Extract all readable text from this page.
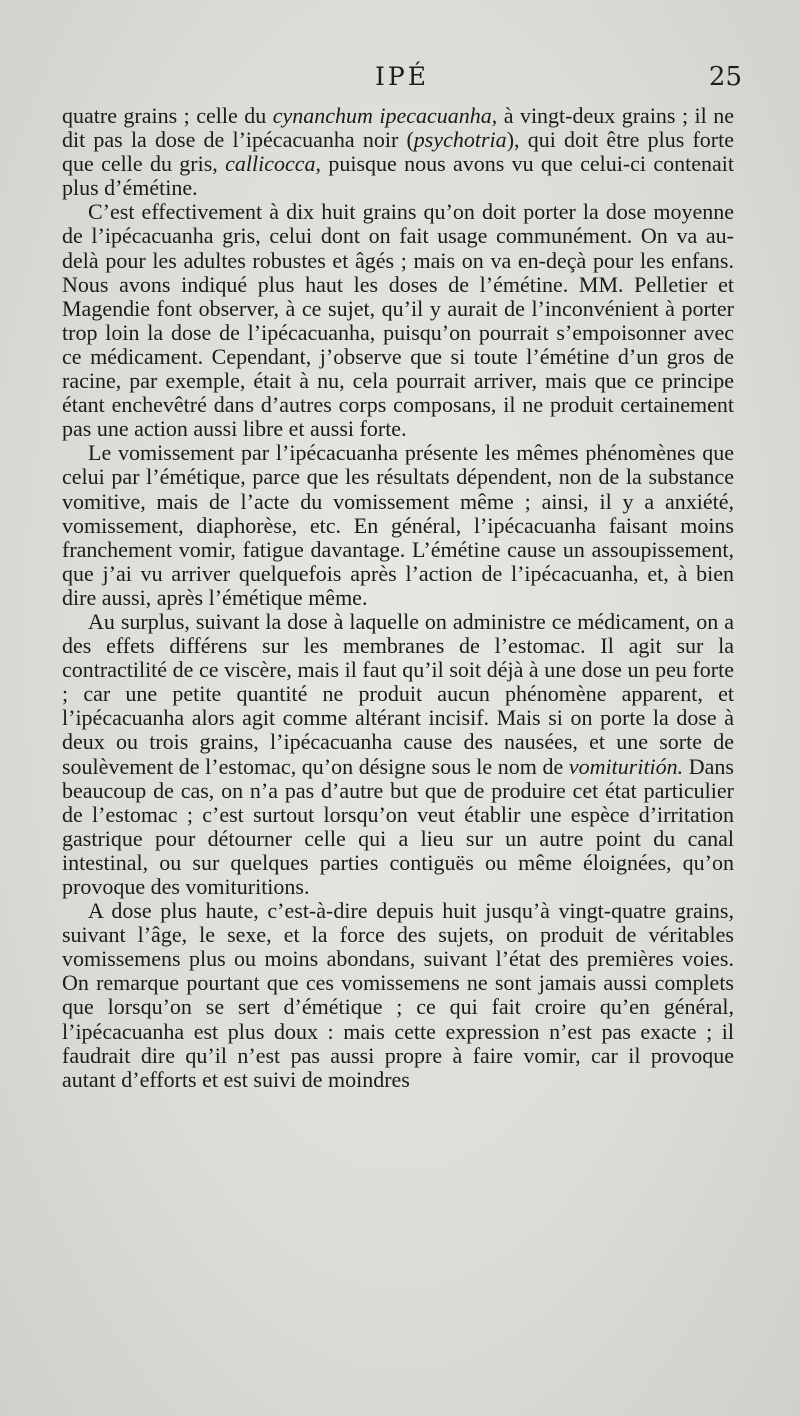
IPÉ	25

quatre grains ; celle du cynanchum ipecacuanha, à vingt-deux grains ; il ne dit pas la dose de l’ipécacuanha noir (psychotria), qui doit être plus forte que celle du gris, callicocca, puisque nous avons vu que celui-ci contenait plus d’émétine.

C’est effectivement à dix huit grains qu’on doit porter la dose moyenne de l’ipécacuanha gris, celui dont on fait usage communément. On va au-delà pour les adultes robustes et âgés ; mais on va en-deçà pour les enfans. Nous avons indiqué plus haut les doses de l’émétine. MM. Pelletier et Magendie font observer, à ce sujet, qu’il y aurait de l’inconvénient à porter trop loin la dose de l’ipécacuanha, puisqu’on pourrait s’empoisonner avec ce médicament. Cependant, j’observe que si toute l’émétine d’un gros de racine, par exemple, était à nu, cela pourrait arriver, mais que ce principe étant enchevêtré dans d’autres corps composans, il ne produit certainement pas une action aussi libre et aussi forte.

Le vomissement par l’ipécacuanha présente les mêmes phénomènes que celui par l’émétique, parce que les résultats dépendent, non de la substance vomitive, mais de l’acte du vomissement même ; ainsi, il y a anxiété, vomissement, diaphorèse, etc. En général, l’ipécacuanha faisant moins franchement vomir, fatigue davantage. L’émétine cause un assoupissement, que j’ai vu arriver quelquefois après l’action de l’ipécacuanha, et, à bien dire aussi, après l’émétique même.

Au surplus, suivant la dose à laquelle on administre ce médicament, on a des effets différens sur les membranes de l’estomac. Il agit sur la contractilité de ce viscère, mais il faut qu’il soit déjà à une dose un peu forte ; car une petite quantité ne produit aucun phénomène apparent, et l’ipécacuanha alors agit comme altérant incisif. Mais si on porte la dose à deux ou trois grains, l’ipécacuanha cause des nausées, et une sorte de soulèvement de l’estomac, qu’on désigne sous le nom de vomituritión. Dans beaucoup de cas, on n’a pas d’autre but que de produire cet état particulier de l’estomac ; c’est surtout lorsqu’on veut établir une espèce d’irritation gastrique pour détourner celle qui a lieu sur un autre point du canal intestinal, ou sur quelques parties contiguës ou même éloignées, qu’on provoque des vomituritions.

A dose plus haute, c’est-à-dire depuis huit jusqu’à vingt-quatre grains, suivant l’âge, le sexe, et la force des sujets, on produit de véritables vomissemens plus ou moins abondans, suivant l’état des premières voies. On remarque pourtant que ces vomissemens ne sont jamais aussi complets que lorsqu’on se sert d’émétique ; ce qui fait croire qu’en général, l’ipécacuanha est plus doux : mais cette expression n’est pas exacte ; il faudrait dire qu’il n’est pas aussi propre à faire vomir, car il provoque autant d’efforts et est suivi de moindres
